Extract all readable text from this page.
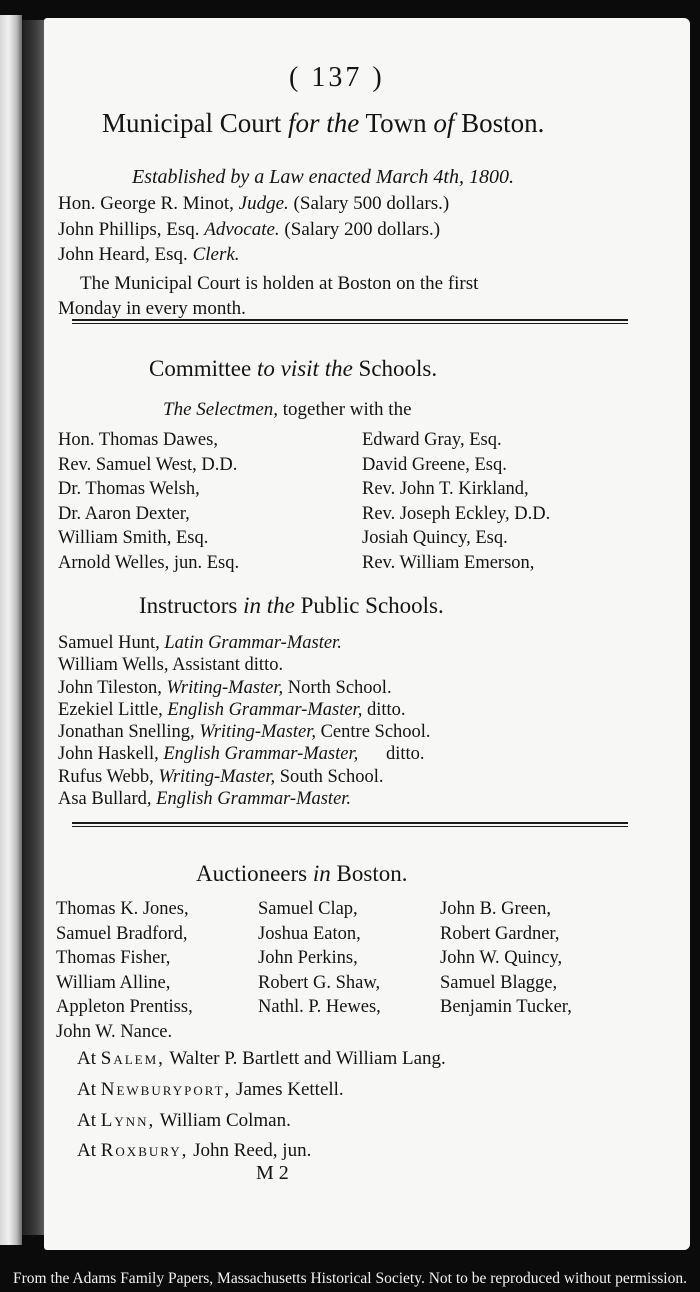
( 137 )
Municipal Court for the Town of Boston.
Established by a Law enacted March 4th, 1800.
Hon. George R. Minot, Judge. (Salary 500 dollars.)
John Phillips, Esq. Advocate. (Salary 200 dollars.)
John Heard, Esq. Clerk.
The Municipal Court is holden at Boston on the first
Monday in every month.
Committee to visit the Schools.
The Selectmen, together with the
Hon. Thomas Dawes,
Rev. Samuel West, D.D.
Dr. Thomas Welsh,
Dr. Aaron Dexter,
William Smith, Esq.
Arnold Welles, jun. Esq.
Edward Gray, Esq.
David Greene, Esq.
Rev. John T. Kirkland,
Rev. Joseph Eckley, D.D.
Josiah Quincy, Esq.
Rev. William Emerson,
Instructors in the Public Schools.
Samuel Hunt, Latin Grammar-Master.
William Wells, Assistant ditto.
John Tileston, Writing-Master, North School.
Ezekiel Little, English Grammar-Master, ditto.
Jonathan Snelling, Writing-Master, Centre School.
John Haskell, English Grammar-Master,      ditto.
Rufus Webb, Writing-Master, South School.
Asa Bullard, English Grammar-Master.
Auctioneers in Boston.
Thomas K. Jones,
Samuel Bradford,
Thomas Fisher,
William Alline,
Appleton Prentiss,
John W. Nance.
Samuel Clap,
Joshua Eaton,
John Perkins,
Robert G. Shaw,
Nathl. P. Hewes,
John B. Green,
Robert Gardner,
John W. Quincy,
Samuel Blagge,
Benjamin Tucker,
At Salem, Walter P. Bartlett and William Lang.
At Newburyport, James Kettell.
At Lynn, William Colman.
At Roxbury, John Reed, jun.
M 2
From the Adams Family Papers, Massachusetts Historical Society. Not to be reproduced without permission.
